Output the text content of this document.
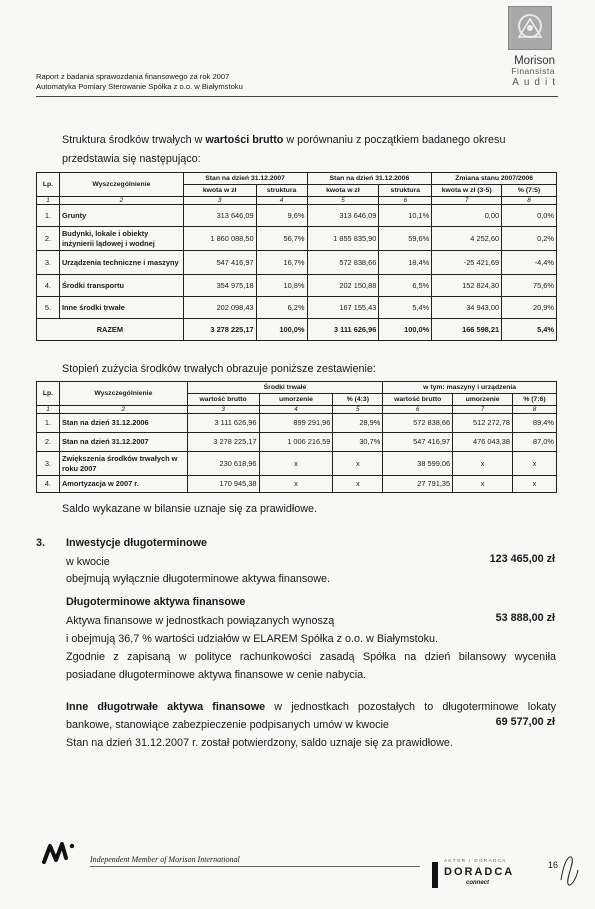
Raport z badania sprawozdania finansowego za rok 2007
Automatyka Pomiary Sterowanie Spółka z o.o. w Białymstoku
Morison
Finansista
Audit
Struktura środków trwałych w wartości brutto w porównaniu z początkiem badanego okresu
przedstawia się następująco:
Lp.	Wyszczególnienie	Stan na dzień 31.12.2007		Stan na dzień 31.12.2006		Zmiana stanu 2007/2006	
		kwota w zł	struktura	kwota w zł	struktura	kwota w zł (3-5)	% (7:5)
1	2	3	4	5	6	7	8
1.	Grunty	313 646,09	9,6%	313 646,09	10,1%	0,00	0,0%
2.	Budynki, lokale i obiekty inżynierii lądowej i wodnej	1 860 088,50	56,7%	1 855 835,90	59,6%	4 252,60	0,2%
3.	Urządzenia techniczne i maszyny	547 416,97	16,7%	572 838,66	18,4%	-25 421,69	-4,4%
4.	Środki transportu	354 975,18	10,8%	202 150,88	6,5%	152 824,30	75,6%
5.	Inne środki trwałe	202 098,43	6,2%	167 155,43	5,4%	34 943,00	20,9%
RAZEM		3 278 225,17	100,0%	3 111 626,96	100,0%	166 598,21	5,4%
Stopień zużycia środków trwałych obrazuje poniższe zestawienie:
Lp.	Wyszczególnienie	Środki trwałe			w tym: maszyny i urządzenia		
		wartość brutto	umorzenie	% (4:3)	wartość brutto	umorzenie	% (7:6)
1	2	3	4	5	6	7	8
1.	Stan na dzień 31.12.2006	3 111 626,96	899 291,96	28,9%	572 838,66	512 272,78	89,4%
2.	Stan na dzień 31.12.2007	3 278 225,17	1 006 216,59	30,7%	547 416,97	476 043,38	87,0%
3.	Zwiększenia środków trwałych w roku 2007	230 618,96	x	x	38 599,06	x	x
4.	Amortyzacja w 2007 r.	170 945,38	x	x	27 791,35	x	x
Saldo wykazane w bilansie uznaje się za prawidłowe.
3. Inwestycje długoterminowe
w kwocie	123 465,00 zł
obejmują wyłącznie długoterminowe aktywa finansowe.
Długoterminowe aktywa finansowe
Aktywa finansowe w jednostkach powiązanych wynoszą	53 888,00 zł
i obejmują 36,7 % wartości udziałów w ELAREM Spółka z o.o. w Białymstoku.
Zgodnie z zapisaną w polityce rachunkowości zasadą Spółka na dzień bilansowy wyceniła
posiadane długoterminowe aktywa finansowe w cenie nabycia.
Inne długotrwałe aktywa finansowe w jednostkach pozostałych to długoterminowe lokaty
bankowe, stanowiące zabezpieczenie podpisanych umów w kwocie	69 577,00 zł
Stan na dzień 31.12.2007 r. został potwierdzony, saldo uznaje się za prawidłowe.
Independent Member of Morison International	AKTOR I DORADCA
DORADCA
connect
16
